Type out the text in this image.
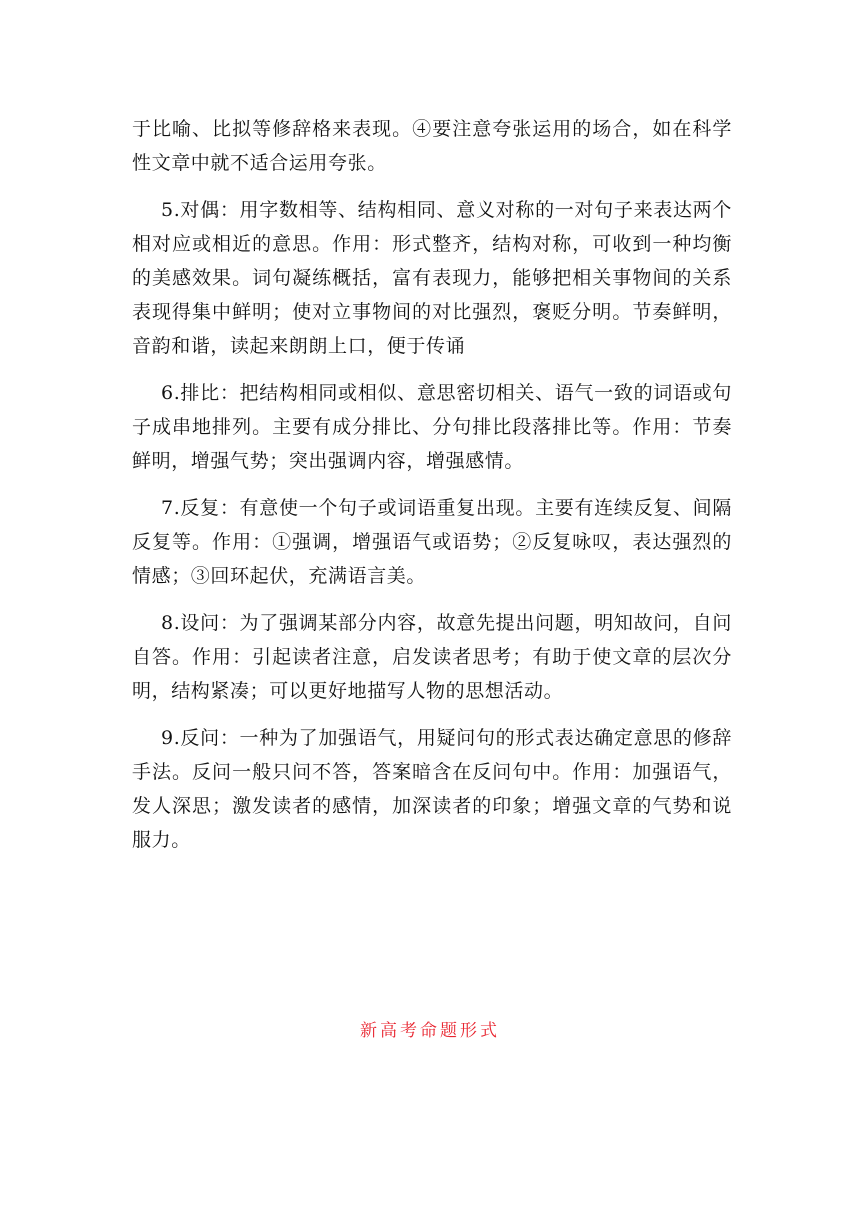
于比喻、比拟等修辞格来表现。④要注意夸张运用的场合，如在科学性文章中就不适合运用夸张。

5.对偶：用字数相等、结构相同、意义对称的一对句子来表达两个相对应或相近的意思。作用：形式整齐，结构对称，可收到一种均衡的美感效果。词句凝练概括，富有表现力，能够把相关事物间的关系表现得集中鲜明；使对立事物间的对比强烈，褒贬分明。节奏鲜明，音韵和谐，读起来朗朗上口，便于传诵

6.排比：把结构相同或相似、意思密切相关、语气一致的词语或句子成串地排列。主要有成分排比、分句排比段落排比等。作用：节奏鲜明，增强气势；突出强调内容，增强感情。

7.反复：有意使一个句子或词语重复出现。主要有连续反复、间隔反复等。作用：①强调，增强语气或语势；②反复咏叹，表达强烈的情感；③回环起伏，充满语言美。

8.设问：为了强调某部分内容，故意先提出问题，明知故问，自问自答。作用：引起读者注意，启发读者思考；有助于使文章的层次分明，结构紧凑；可以更好地描写人物的思想活动。

9.反问：一种为了加强语气，用疑问句的形式表达确定意思的修辞手法。反问一般只问不答，答案暗含在反问句中。作用：加强语气，发人深思；激发读者的感情，加深读者的印象；增强文章的气势和说服力。

新高考命题形式
